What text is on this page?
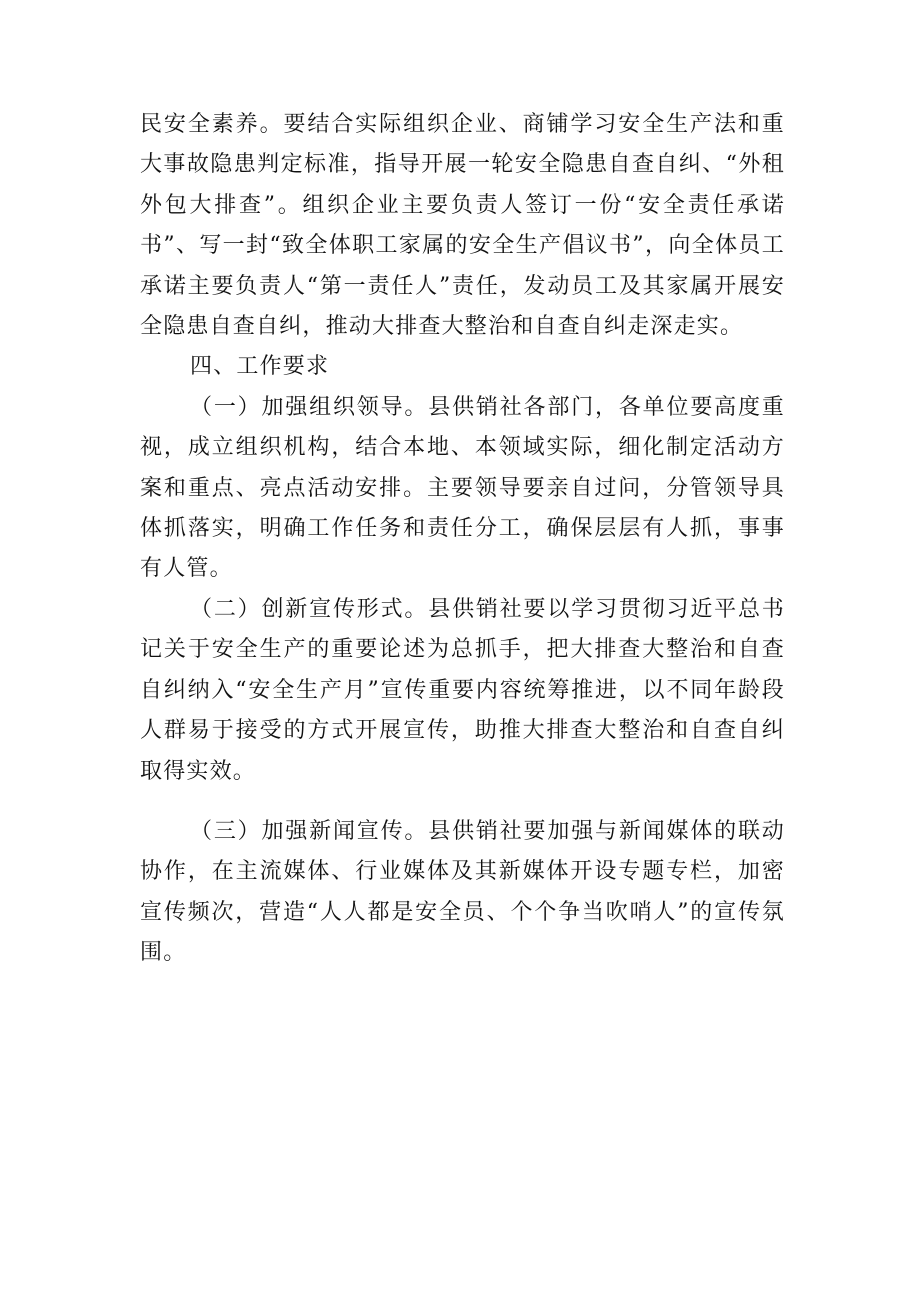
民安全素养。要结合实际组织企业、商铺学习安全生产法和重大事故隐患判定标准，指导开展一轮安全隐患自查自纠、“外租外包大排查”。组织企业主要负责人签订一份“安全责任承诺书”、写一封“致全体职工家属的安全生产倡议书”，向全体员工承诺主要负责人“第一责任人”责任，发动员工及其家属开展安全隐患自查自纠，推动大排查大整治和自查自纠走深走实。

四、工作要求

（一）加强组织领导。县供销社各部门，各单位要高度重视，成立组织机构，结合本地、本领域实际，细化制定活动方案和重点、亮点活动安排。主要领导要亲自过问，分管领导具体抓落实，明确工作任务和责任分工，确保层层有人抓，事事有人管。

（二）创新宣传形式。县供销社要以学习贯彻习近平总书记关于安全生产的重要论述为总抓手，把大排查大整治和自查自纠纳入“安全生产月”宣传重要内容统筹推进，以不同年龄段人群易于接受的方式开展宣传，助推大排查大整治和自查自纠取得实效。

（三）加强新闻宣传。县供销社要加强与新闻媒体的联动协作，在主流媒体、行业媒体及其新媒体开设专题专栏，加密宣传频次，营造“人人都是安全员、个个争当吹哨人”的宣传氛围。
